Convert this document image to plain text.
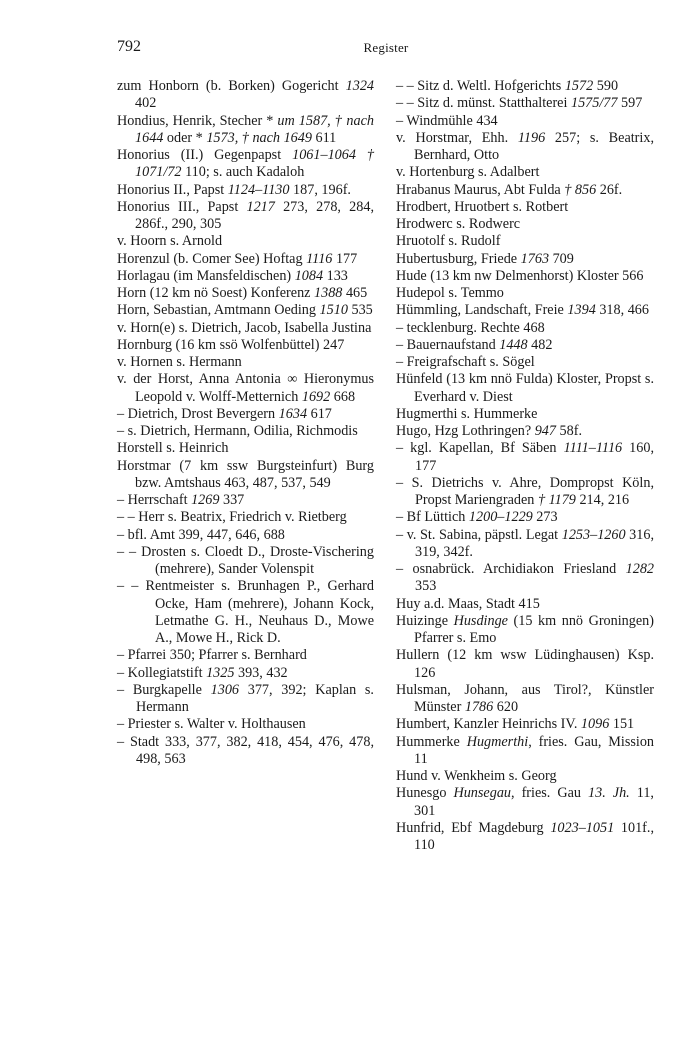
792	Register
zum Honborn (b. Borken) Gogericht 1324 402
Hondius, Henrik, Stecher * um 1587, † nach 1644 oder * 1573, † nach 1649 611
Honorius (II.) Gegenpapst 1061–1064 † 1071/72 110; s. auch Kadaloh
Honorius II., Papst 1124–1130 187, 196f.
Honorius III., Papst 1217 273, 278, 284, 286f., 290, 305
v. Hoorn s. Arnold
Horenzul (b. Comer See) Hoftag 1116 177
Horlagau (im Mansfeldischen) 1084 133
Horn (12 km nö Soest) Konferenz 1388 465
Horn, Sebastian, Amtmann Oeding 1510 535
v. Horn(e) s. Dietrich, Jacob, Isabella Justina
Hornburg (16 km ssö Wolfenbüttel) 247
v. Hornen s. Hermann
v. der Horst, Anna Antonia ∞ Hieronymus Leopold v. Wolff-Metternich 1692 668
– Dietrich, Drost Bevergern 1634 617
– s. Dietrich, Hermann, Odilia, Richmodis
Horstell s. Heinrich
Horstmar (7 km ssw Burgsteinfurt) Burg bzw. Amtshaus 463, 487, 537, 549
– Herrschaft 1269 337
– – Herr s. Beatrix, Friedrich v. Rietberg
– bfl. Amt 399, 447, 646, 688
– – Drosten s. Cloedt D., Droste-Vischering (mehrere), Sander Volenspit
– – Rentmeister s. Brunhagen P., Gerhard Ocke, Ham (mehrere), Johann Kock, Letmathe G. H., Neuhaus D., Mowe A., Mowe H., Rick D.
– Pfarrei 350; Pfarrer s. Bernhard
– Kollegiatstift 1325 393, 432
– Burgkapelle 1306 377, 392; Kaplan s. Hermann
– Priester s. Walter v. Holthausen
– Stadt 333, 377, 382, 418, 454, 476, 478, 498, 563
– – Sitz d. Weltl. Hofgerichts 1572 590
– – Sitz d. münst. Statthalterei 1575/77 597
– Windmühle 434
v. Horstmar, Ehh. 1196 257; s. Beatrix, Bernhard, Otto
v. Hortenburg s. Adalbert
Hrabanus Maurus, Abt Fulda † 856 26f.
Hrodbert, Hruotbert s. Rotbert
Hrodwerc s. Rodwerc
Hruotolf s. Rudolf
Hubertusburg, Friede 1763 709
Hude (13 km nw Delmenhorst) Kloster 566
Hudepol s. Temmo
Hümmling, Landschaft, Freie 1394 318, 466
– tecklenburg. Rechte 468
– Bauernaufstand 1448 482
– Freigrafschaft s. Sögel
Hünfeld (13 km nnö Fulda) Kloster, Propst s. Everhard v. Diest
Hugmerthi s. Hummerke
Hugo, Hzg Lothringen? 947 58f.
– kgl. Kapellan, Bf Säben 1111–1116 160, 177
– S. Dietrichs v. Ahre, Dompropst Köln, Propst Mariengraden † 1179 214, 216
– Bf Lüttich 1200–1229 273
– v. St. Sabina, päpstl. Legat 1253–1260 316, 319, 342f.
– osnabrück. Archidiakon Friesland 1282 353
Huy a.d. Maas, Stadt 415
Huizinge Husdinge (15 km nnö Groningen) Pfarrer s. Emo
Hullern (12 km wsw Lüdinghausen) Ksp. 126
Hulsman, Johann, aus Tirol?, Künstler Münster 1786 620
Humbert, Kanzler Heinrichs IV. 1096 151
Hummerke Hugmerthi, fries. Gau, Mission 11
Hund v. Wenkheim s. Georg
Hunesgo Hunsegau, fries. Gau 13. Jh. 11, 301
Hunfrid, Ebf Magdeburg 1023–1051 101f., 110
